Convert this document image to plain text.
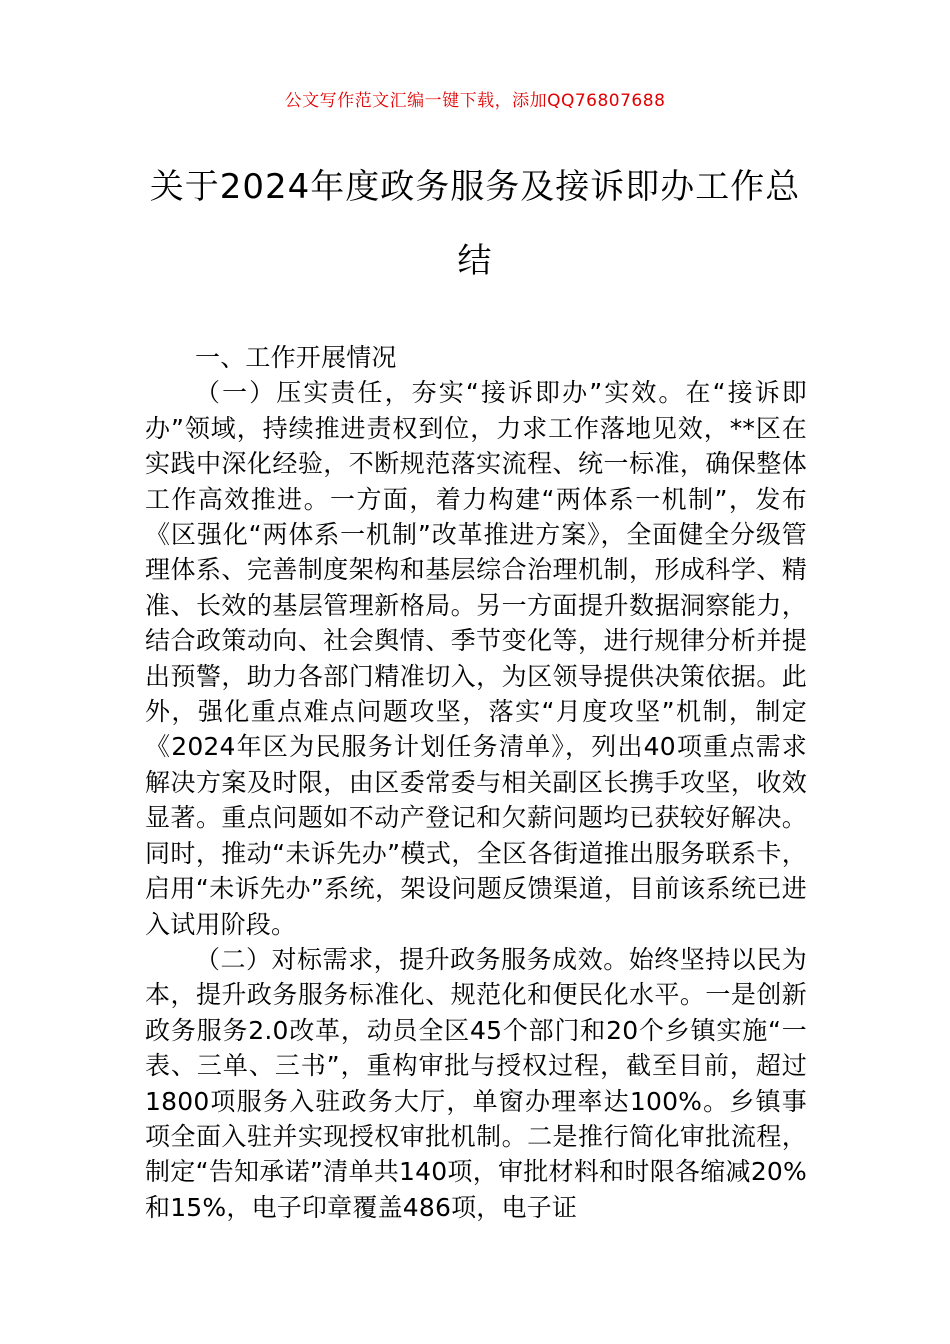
公文写作范文汇编一键下载，添加QQ76807688
关于2024年度政务服务及接诉即办工作总结

一、工作开展情况

（一）压实责任，夯实“接诉即办”实效。在“接诉即办”领域，持续推进责权到位，力求工作落地见效，**区在实践中深化经验，不断规范落实流程、统一标准，确保整体工作高效推进。一方面，着力构建“两体系一机制”，发布《区强化“两体系一机制”改革推进方案》，全面健全分级管理体系、完善制度架构和基层综合治理机制，形成科学、精准、长效的基层管理新格局。另一方面提升数据洞察能力，结合政策动向、社会舆情、季节变化等，进行规律分析并提出预警，助力各部门精准切入，为区领导提供决策依据。此外，强化重点难点问题攻坚，落实“月度攻坚”机制，制定《2024年区为民服务计划任务清单》，列出40项重点需求解决方案及时限，由区委常委与相关副区长携手攻坚，收效显著。重点问题如不动产登记和欠薪问题均已获较好解决。同时，推动“未诉先办”模式，全区各街道推出服务联系卡，启用“未诉先办”系统，架设问题反馈渠道，目前该系统已进入试用阶段。

（二）对标需求，提升政务服务成效。始终坚持以民为本，提升政务服务标准化、规范化和便民化水平。一是创新政务服务2.0改革，动员全区45个部门和20个乡镇实施“一表、三单、三书”，重构审批与授权过程，截至目前，超过1800项服务入驻政务大厅，单窗办理率达100%。乡镇事项全面入驻并实现授权审批机制。二是推行简化审批流程，制定“告知承诺”清单共140项，审批材料和时限各缩减20%和15%，电子印章覆盖486项，电子证
